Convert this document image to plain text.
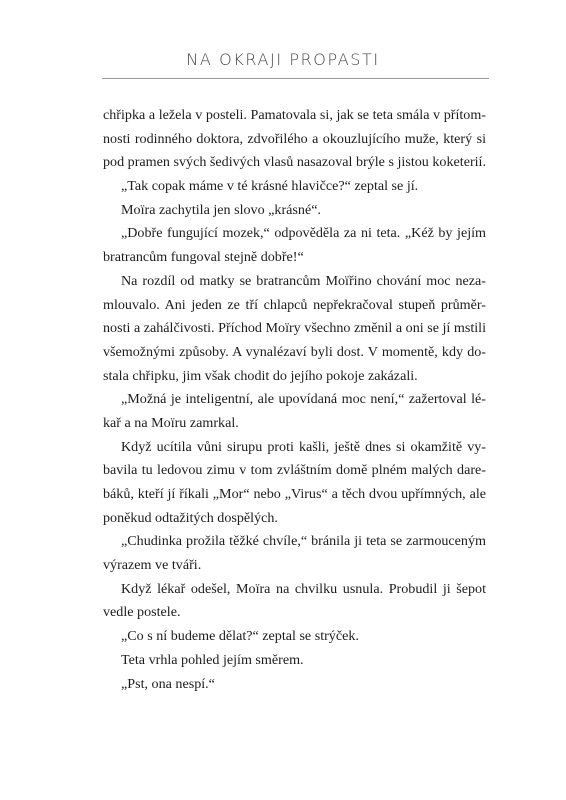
NA OKRAJI PROPASTI
chřipka a ležela v posteli. Pamatovala si, jak se teta smála v přítom-
nosti rodinného doktora, zdvořilého a okouzlujícího muže, který si
pod pramen svých šedivých vlasů nasazoval brýle s jistou koketerií.
„Tak copak máme v té krásné hlavičce?“ zeptal se jí.
Moïra zachytila jen slovo „krásné“.
„Dobře fungující mozek,“ odpověděla za ni teta. „Kéž by jejím
bratrancům fungoval stejně dobře!“
Na rozdíl od matky se bratrancům Moïřino chování moc neza-
mlouvalo. Ani jeden ze tří chlapců nepřekračoval stupeň průměr-
nosti a zahálčivosti. Příchod Moïry všechno změnil a oni se jí mstili
všemožnými způsoby. A vynalézaví byli dost. V momentě, kdy do-
stala chřipku, jim však chodit do jejího pokoje zakázali.
„Možná je inteligentní, ale upovídaná moc není,“ zažertoval lé-
kař a na Moïru zamrkal.
Když ucítila vůni sirupu proti kašli, ještě dnes si okamžitě vy-
bavila tu ledovou zimu v tom zvláštním domě plném malých dare-
báků, kteří jí říkali „Mor“ nebo „Virus“ a těch dvou upřímných, ale
poněkud odtažitých dospělých.
„Chudinka prožila těžké chvíle,“ bránila ji teta se zarmouceným
výrazem ve tváři.
Když lékař odešel, Moïra na chvilku usnula. Probudil ji šepot
vedle postele.
„Co s ní budeme dělat?“ zeptal se strýček.
Teta vrhla pohled jejím směrem.
„Pst, ona nespí.“
